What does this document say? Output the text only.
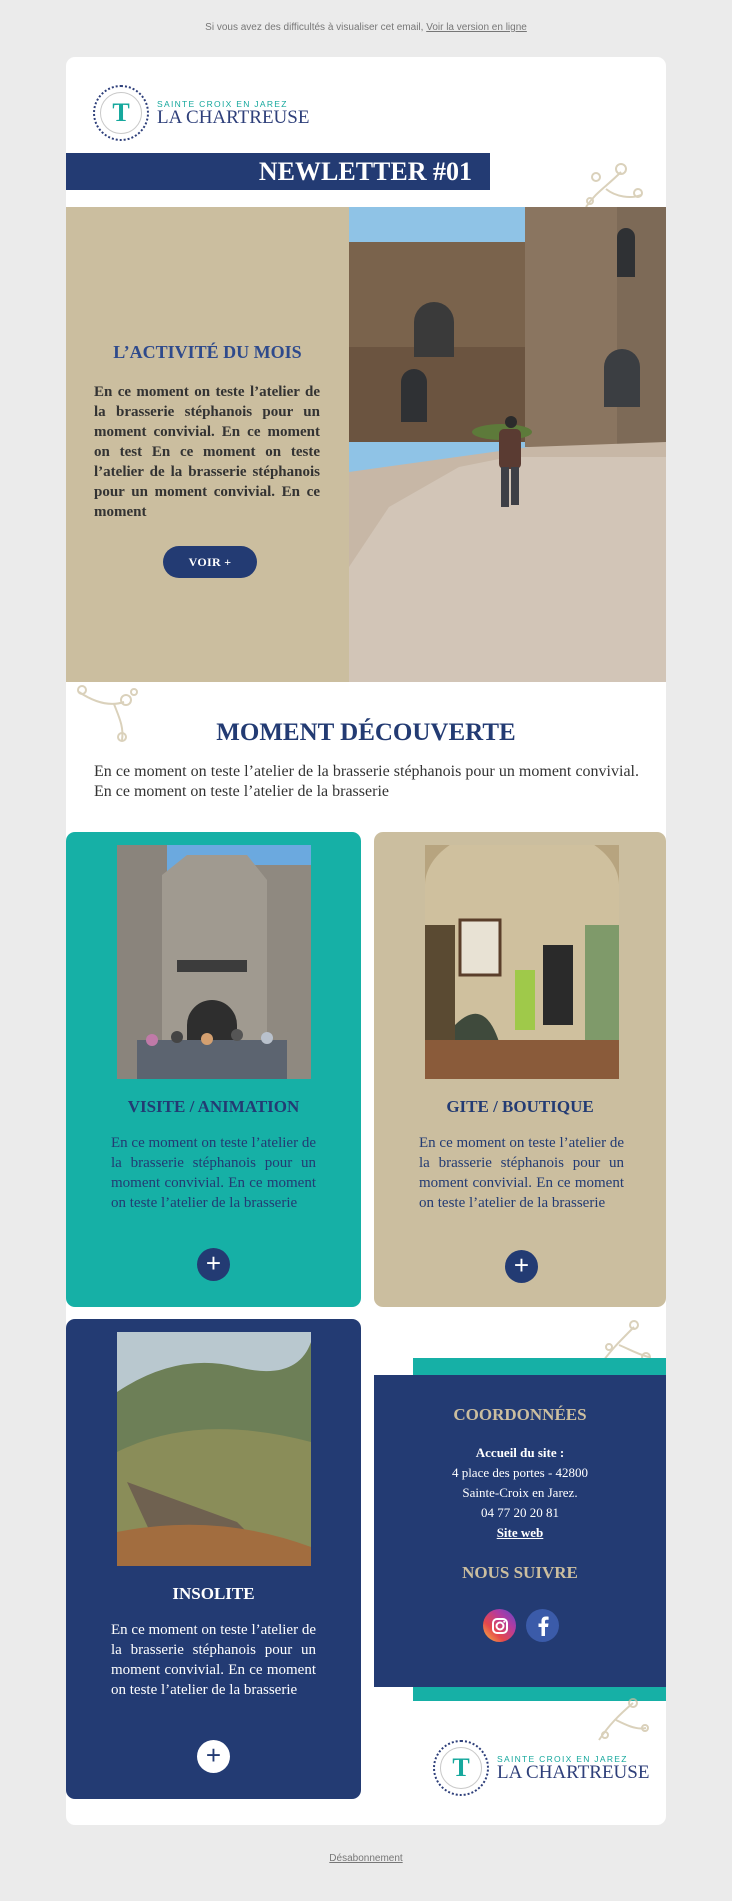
Si vous avez des difficultés à visualiser cet email, Voir la version en ligne
T	SAINTE CROIX EN JAREZ
LA CHARTREUSE
NEWLETTER #01
L’ACTIVITÉ DU MOIS
En ce moment on teste l’atelier de la brasserie stéphanois pour un moment convivial. En ce moment on test En ce moment on teste l’atelier de la brasserie stéphanois pour un moment convivial. En ce moment
VOIR +
MOMENT DÉCOUVERTE
En ce moment on teste l’atelier de la brasserie stéphanois pour un moment convivial. En ce moment on teste l’atelier de la brasserie
VISITE / ANIMATION
En ce moment on teste l’atelier de la brasserie stéphanois pour un moment convivial. En ce moment on teste l’atelier de la brasserie
+
GITE / BOUTIQUE
En ce moment on teste l’atelier de la brasserie stéphanois pour un moment convivial. En ce moment on teste l’atelier de la brasserie
+
INSOLITE
En ce moment on teste l’atelier de la brasserie stéphanois pour un moment convivial. En ce moment on teste l’atelier de la brasserie
+
COORDONNÉES
Accueil du site :
4 place des portes - 42800
Sainte-Croix en Jarez.
04 77 20 20 81
Site web
NOUS SUIVRE
T	SAINTE CROIX EN JAREZ
LA CHARTREUSE
Désabonnement
